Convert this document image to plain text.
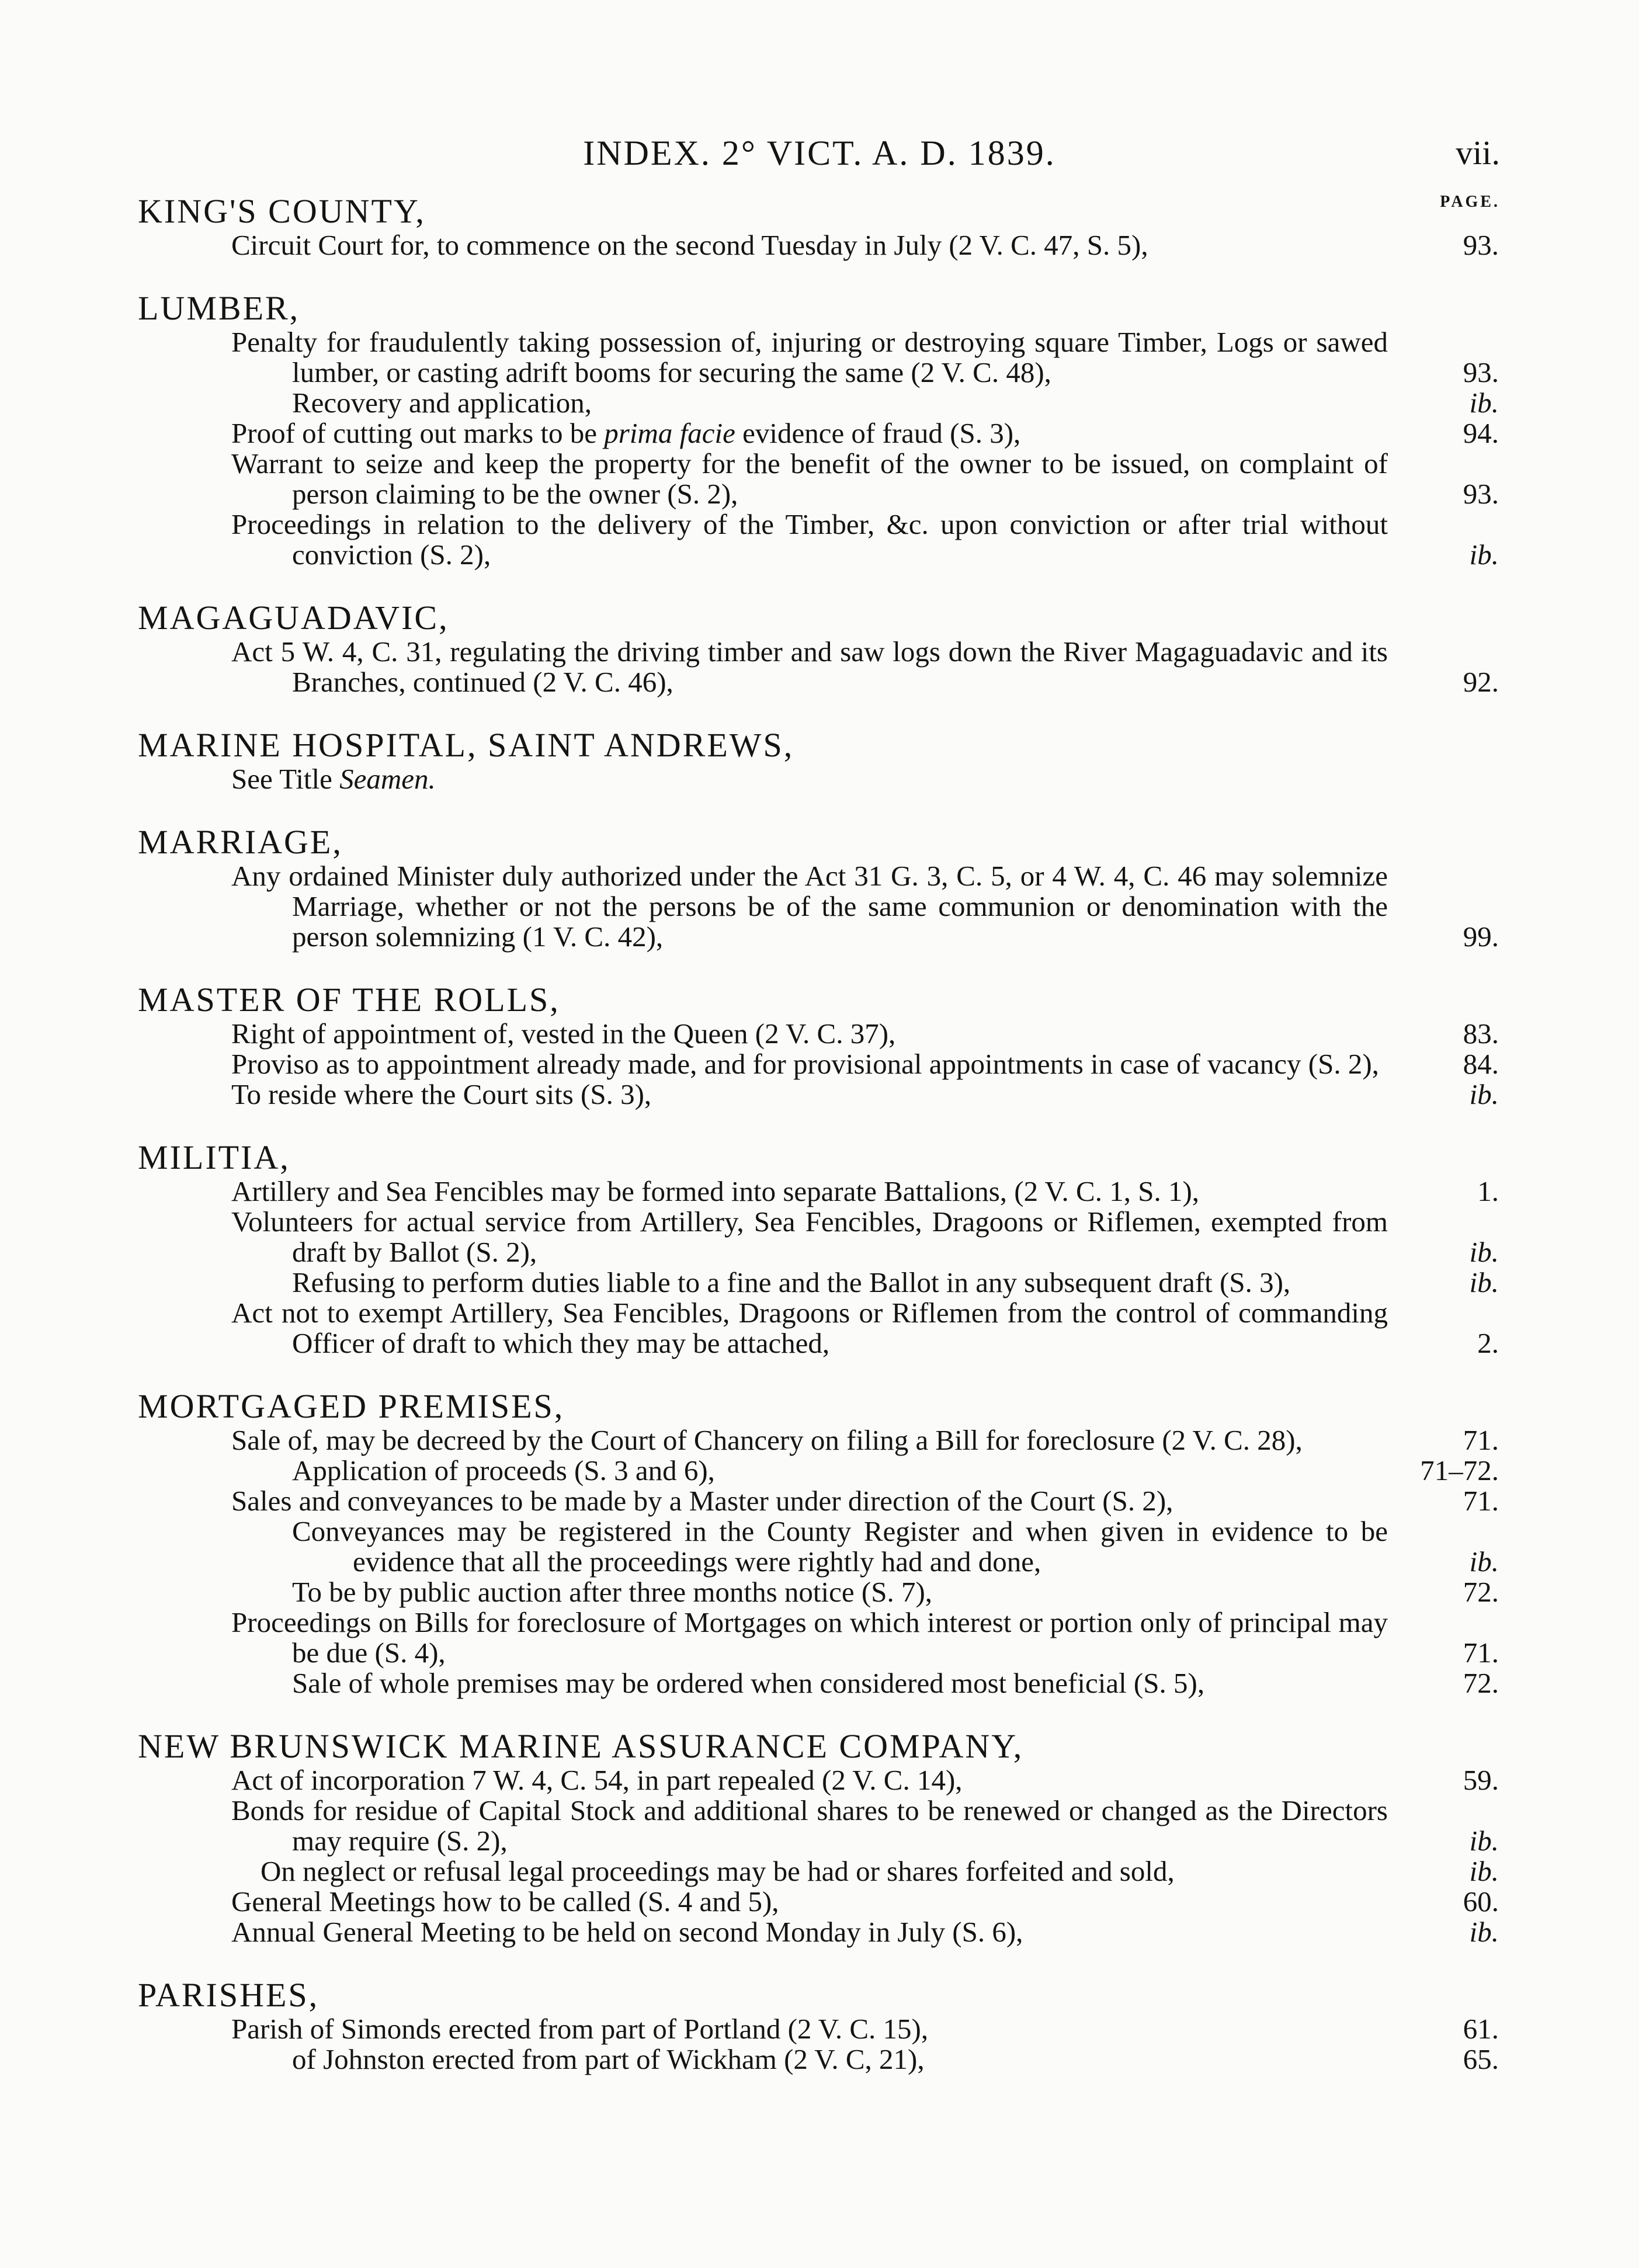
INDEX. 2° VICT. A. D. 1839.	vii.
PAGE.
KING'S COUNTY,
Circuit Court for, to commence on the second Tuesday in July (2 V. C. 47, S. 5),	93.
LUMBER,
Penalty for fraudulently taking possession of, injuring or destroying square Timber, Logs or sawed lumber, or casting adrift booms for securing the same (2 V. C. 48),	93.
Recovery and application,	ib.
Proof of cutting out marks to be prima facie evidence of fraud (S. 3),	94.
Warrant to seize and keep the property for the benefit of the owner to be issued, on complaint of person claiming to be the owner (S. 2),	93.
Proceedings in relation to the delivery of the Timber, &c. upon conviction or after trial without conviction (S. 2),	ib.
MAGAGUADAVIC,
Act 5 W. 4, C. 31, regulating the driving timber and saw logs down the River Magaguadavic and its Branches, continued (2 V. C. 46),	92.
MARINE HOSPITAL, SAINT ANDREWS,
See Title Seamen.
MARRIAGE,
Any ordained Minister duly authorized under the Act 31 G. 3, C. 5, or 4 W. 4, C. 46 may solemnize Marriage, whether or not the persons be of the same communion or denomination with the person solemnizing (1 V. C. 42),	99.
MASTER OF THE ROLLS,
Right of appointment of, vested in the Queen (2 V. C. 37),	83.
Proviso as to appointment already made, and for provisional appointments in case of vacancy (S. 2),	84.
To reside where the Court sits (S. 3),	ib.
MILITIA,
Artillery and Sea Fencibles may be formed into separate Battalions, (2 V. C. 1, S. 1),	1.
Volunteers for actual service from Artillery, Sea Fencibles, Dragoons or Riflemen, exempted from draft by Ballot (S. 2),	ib.
Refusing to perform duties liable to a fine and the Ballot in any subsequent draft (S. 3),	ib.
Act not to exempt Artillery, Sea Fencibles, Dragoons or Riflemen from the control of commanding Officer of draft to which they may be attached,	2.
MORTGAGED PREMISES,
Sale of, may be decreed by the Court of Chancery on filing a Bill for foreclosure (2 V. C. 28),	71.
Application of proceeds (S. 3 and 6),	71–72.
Sales and conveyances to be made by a Master under direction of the Court (S. 2),	71.
Conveyances may be registered in the County Register and when given in evidence to be evidence that all the proceedings were rightly had and done,	ib.
To be by public auction after three months notice (S. 7),	72.
Proceedings on Bills for foreclosure of Mortgages on which interest or portion only of principal may be due (S. 4),	71.
Sale of whole premises may be ordered when considered most beneficial (S. 5),	72.
NEW BRUNSWICK MARINE ASSURANCE COMPANY,
Act of incorporation 7 W. 4, C. 54, in part repealed (2 V. C. 14),	59.
Bonds for residue of Capital Stock and additional shares to be renewed or changed as the Directors may require (S. 2),	ib.
On neglect or refusal legal proceedings may be had or shares forfeited and sold,	ib.
General Meetings how to be called (S. 4 and 5),	60.
Annual General Meeting to be held on second Monday in July (S. 6),	ib.
PARISHES,
Parish of Simonds erected from part of Portland (2 V. C. 15),	61.
of Johnston erected from part of Wickham (2 V. C, 21),	65.
